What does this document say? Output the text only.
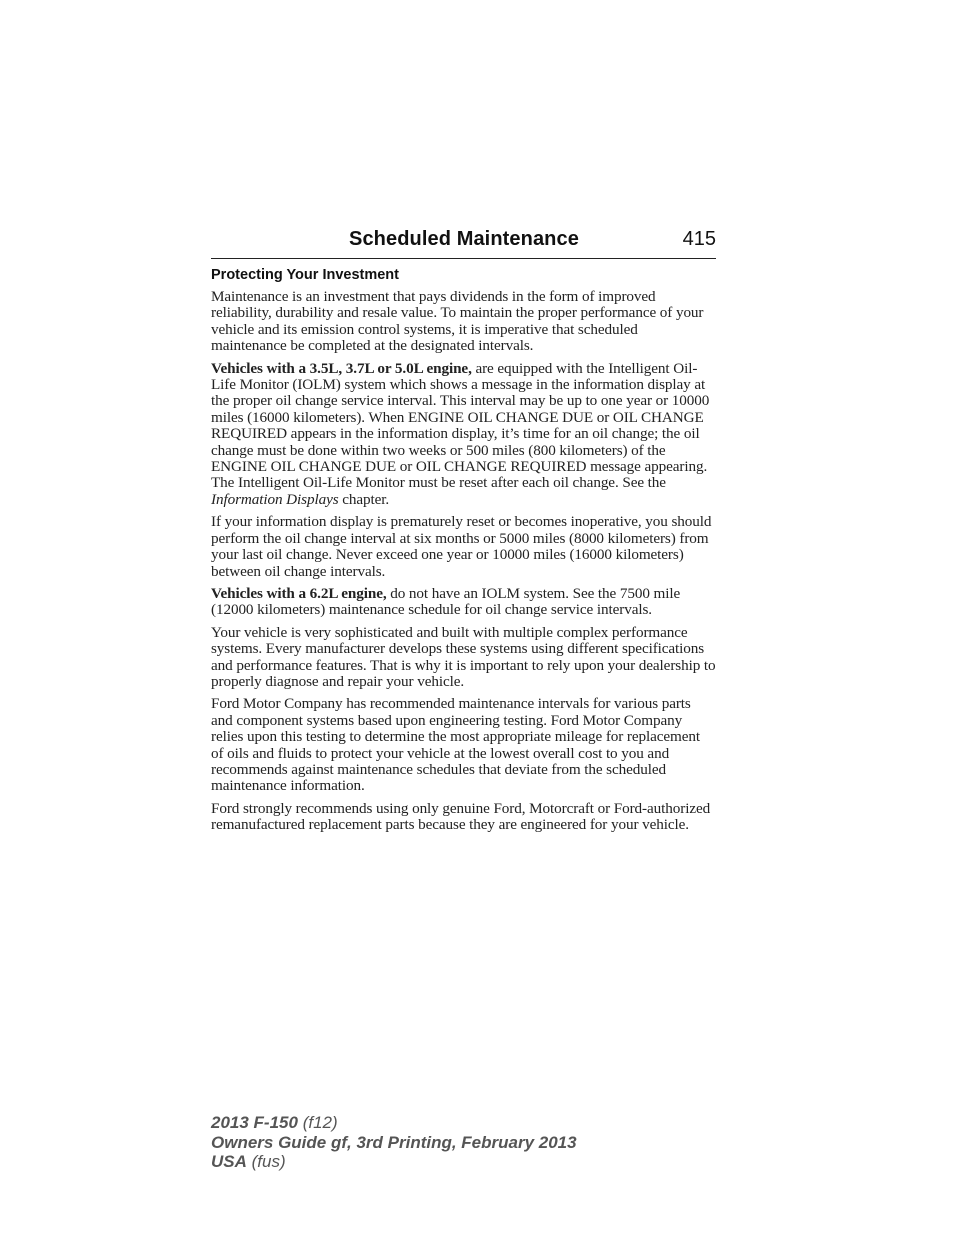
Scheduled Maintenance	415
Protecting Your Investment

Maintenance is an investment that pays dividends in the form of improved reliability, durability and resale value. To maintain the proper performance of your vehicle and its emission control systems, it is imperative that scheduled maintenance be completed at the designated intervals.

Vehicles with a 3.5L, 3.7L or 5.0L engine, are equipped with the Intelligent Oil-Life Monitor (IOLM) system which shows a message in the information display at the proper oil change service interval. This interval may be up to one year or 10000 miles (16000 kilometers). When ENGINE OIL CHANGE DUE or OIL CHANGE REQUIRED appears in the information display, it’s time for an oil change; the oil change must be done within two weeks or 500 miles (800 kilometers) of the ENGINE OIL CHANGE DUE or OIL CHANGE REQUIRED message appearing. The Intelligent Oil-Life Monitor must be reset after each oil change. See the Information Displays chapter.

If your information display is prematurely reset or becomes inoperative, you should perform the oil change interval at six months or 5000 miles (8000 kilometers) from your last oil change. Never exceed one year or 10000 miles (16000 kilometers) between oil change intervals.

Vehicles with a 6.2L engine, do not have an IOLM system. See the 7500 mile (12000 kilometers) maintenance schedule for oil change service intervals.

Your vehicle is very sophisticated and built with multiple complex performance systems. Every manufacturer develops these systems using different specifications and performance features. That is why it is important to rely upon your dealership to properly diagnose and repair your vehicle.

Ford Motor Company has recommended maintenance intervals for various parts and component systems based upon engineering testing. Ford Motor Company relies upon this testing to determine the most appropriate mileage for replacement of oils and fluids to protect your vehicle at the lowest overall cost to you and recommends against maintenance schedules that deviate from the scheduled maintenance information.

Ford strongly recommends using only genuine Ford, Motorcraft or Ford-authorized remanufactured replacement parts because they are engineered for your vehicle.

2013 F-150 (f12)
Owners Guide gf, 3rd Printing, February 2013
USA (fus)
